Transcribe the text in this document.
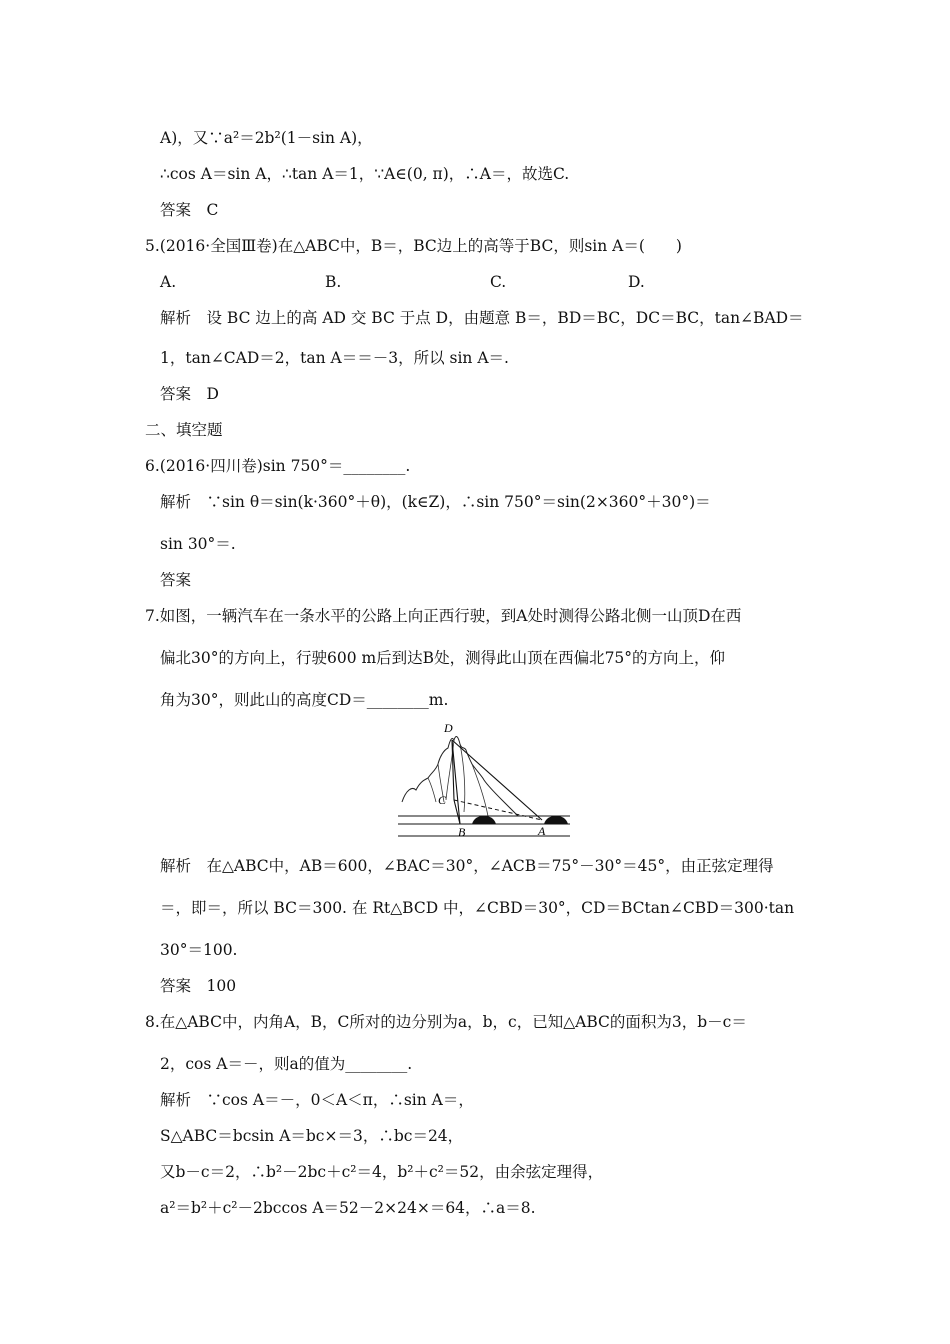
A)，又∵a²＝2b²(1－sin A)，
∴cos A＝sin A，∴tan A＝1，∵A∈(0, π)，∴A＝，故选C.
答案　C
5.(2016·全国Ⅲ卷)在△ABC中，B＝，BC边上的高等于BC，则sin A＝(　　)
A.	B.	C.	D.
解析　设 BC 边上的高 AD 交 BC 于点 D，由题意 B＝，BD＝BC，DC＝BC，tan∠BAD＝
1，tan∠CAD＝2，tan A＝＝－3，所以 sin A＝.
答案　D
二、填空题
6.(2016·四川卷)sin 750°＝________.
解析　∵sin θ＝sin(k·360°＋θ)，(k∈Z)，∴sin 750°＝sin(2×360°＋30°)＝
sin 30°＝.
答案
7.如图，一辆汽车在一条水平的公路上向正西行驶，到A处时测得公路北侧一山顶D在西
偏北30°的方向上，行驶600 m后到达B处，测得此山顶在西偏北75°的方向上，仰
角为30°，则此山的高度CD＝________m.
D
C
B	A
解析　在△ABC中，AB＝600，∠BAC＝30°，∠ACB＝75°－30°＝45°，由正弦定理得
＝，即＝，所以 BC＝300. 在 Rt△BCD 中，∠CBD＝30°，CD＝BCtan∠CBD＝300·tan
30°＝100.
答案　100
8.在△ABC中，内角A，B，C所对的边分别为a，b，c，已知△ABC的面积为3，b－c＝
2，cos A＝－，则a的值为________.
解析　∵cos A＝－，0＜A＜π，∴sin A＝，
S△ABC＝bcsin A＝bc×＝3，∴bc＝24，
又b－c＝2，∴b²－2bc＋c²＝4，b²＋c²＝52，由余弦定理得，
a²＝b²＋c²－2bccos A＝52－2×24×＝64，∴a＝8.
